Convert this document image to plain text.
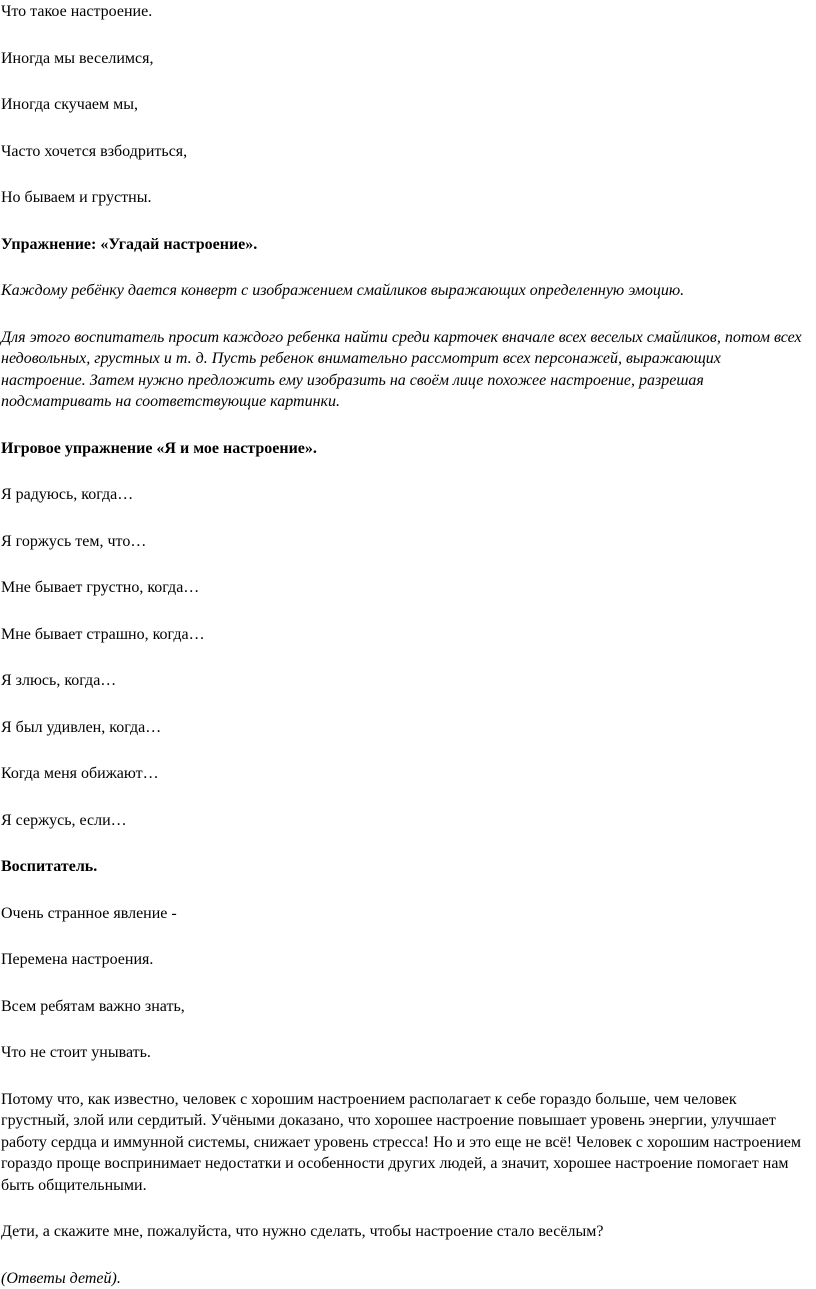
Что такое настроение.

Иногда мы веселимся,

Иногда скучаем мы,

Часто хочется взбодриться,

Но бываем и грустны.

Упражнение: «Угадай настроение».

Каждому ребёнку дается конверт с изображением смайликов выражающих определенную эмоцию.

Для этого воспитатель просит каждого ребенка найти среди карточек вначале всех веселых смайликов, потом всех недовольных, грустных и т. д. Пусть ребенок внимательно рассмотрит всех персонажей, выражающих настроение. Затем нужно предложить ему изобразить на своём лице похожее настроение, разрешая подсматривать на соответствующие картинки.

Игровое упражнение «Я и мое настроение».

Я радуюсь, когда…

Я горжусь тем, что…

Мне бывает грустно, когда…

Мне бывает страшно, когда…

Я злюсь, когда…

Я был удивлен, когда…

Когда меня обижают…

Я сержусь, если…

Воспитатель.

Очень странное явление -

Перемена настроения.

Всем ребятам важно знать,

Что не стоит унывать.

Потому что, как известно, человек с хорошим настроением располагает к себе гораздо больше, чем человек грустный, злой или сердитый. Учёными доказано, что хорошее настроение повышает уровень энергии, улучшает работу сердца и иммунной системы, снижает уровень стресса! Но и это еще не всё! Человек с хорошим настроением гораздо проще воспринимает недостатки и особенности других людей, а значит, хорошее настроение помогает нам быть общительными.

Дети, а скажите мне, пожалуйста, что нужно сделать, чтобы настроение стало весёлым?

(Ответы детей).
